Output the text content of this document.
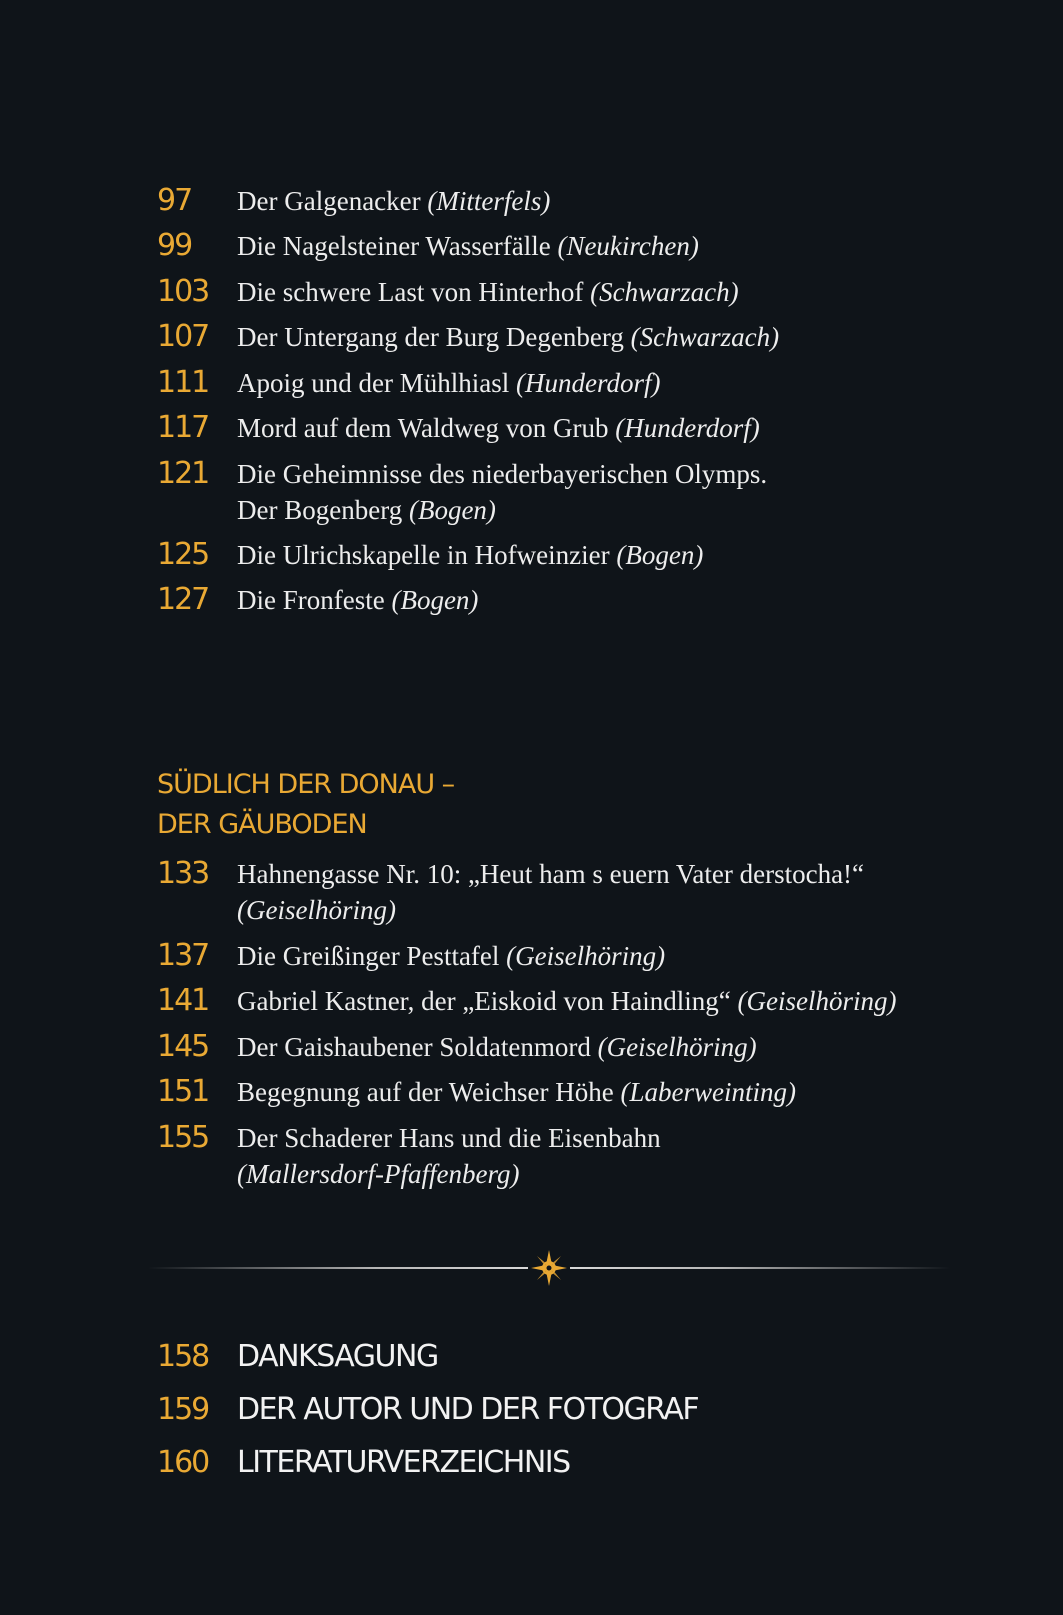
97 Der Galgenacker (Mitterfels)
99 Die Nagelsteiner Wasserfälle (Neukirchen)
103 Die schwere Last von Hinterhof (Schwarzach)
107 Der Untergang der Burg Degenberg (Schwarzach)
111 Apoig und der Mühlhiasl (Hunderdorf)
117 Mord auf dem Waldweg von Grub (Hunderdorf)
121 Die Geheimnisse des niederbayerischen Olymps.
Der Bogenberg (Bogen)
125 Die Ulrichskapelle in Hofweinzier (Bogen)
127 Die Fronfeste (Bogen)
SÜDLICH DER DONAU –
DER GÄUBODEN
133 Hahnengasse Nr. 10: „Heut ham s euern Vater derstocha!“
(Geiselhöring)
137 Die Greißinger Pesttafel (Geiselhöring)
141 Gabriel Kastner, der „Eiskoid von Haindling“ (Geiselhöring)
145 Der Gaishaubener Soldatenmord (Geiselhöring)
151 Begegnung auf der Weichser Höhe (Laberweinting)
155 Der Schaderer Hans und die Eisenbahn
(Mallersdorf-Pfaffenberg)
158 DANKSAGUNG
159 DER AUTOR UND DER FOTOGRAF
160 LITERATURVERZEICHNIS
